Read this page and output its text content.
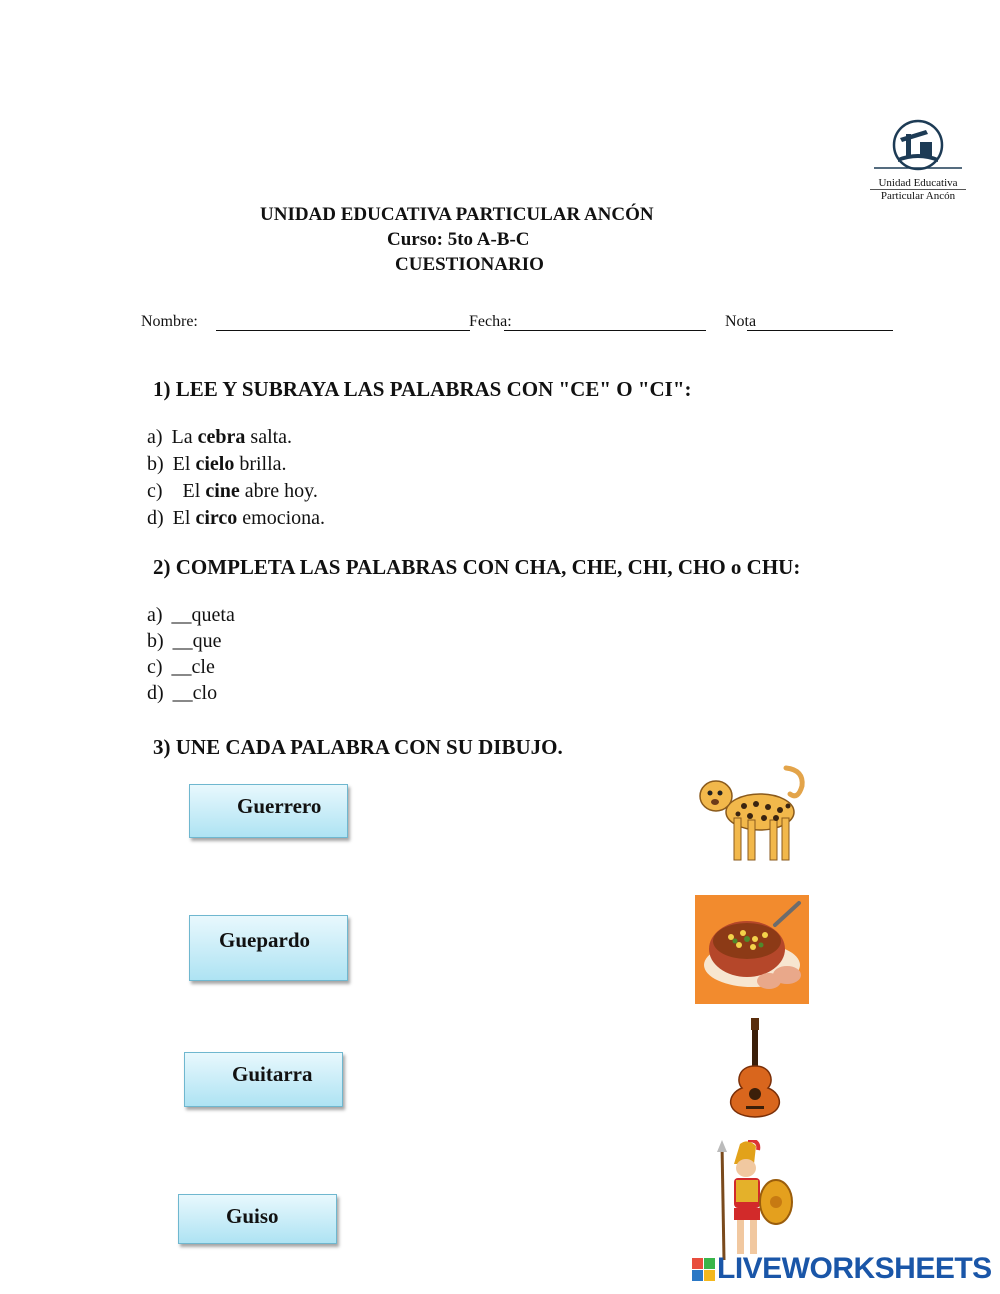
Unidad Educativa
Particular Ancón
UNIDAD EDUCATIVA PARTICULAR ANCÓN
Curso: 5to A-B-C
CUESTIONARIO
Nombre:	Fecha:	Nota
1) LEE Y SUBRAYA LAS PALABRAS CON "CE" O "CI":
a) La cebra salta.
b) El cielo brilla.
c)  El cine abre hoy.
d) El circo emociona.
2) COMPLETA LAS PALABRAS CON CHA, CHE, CHI, CHO o CHU:
a) __queta
b) __que
c) __cle
d) __clo
3) UNE CADA PALABRA CON SU DIBUJO.
Guerrero
Guepardo
Guitarra
Guiso
LIVEWORKSHEETS
